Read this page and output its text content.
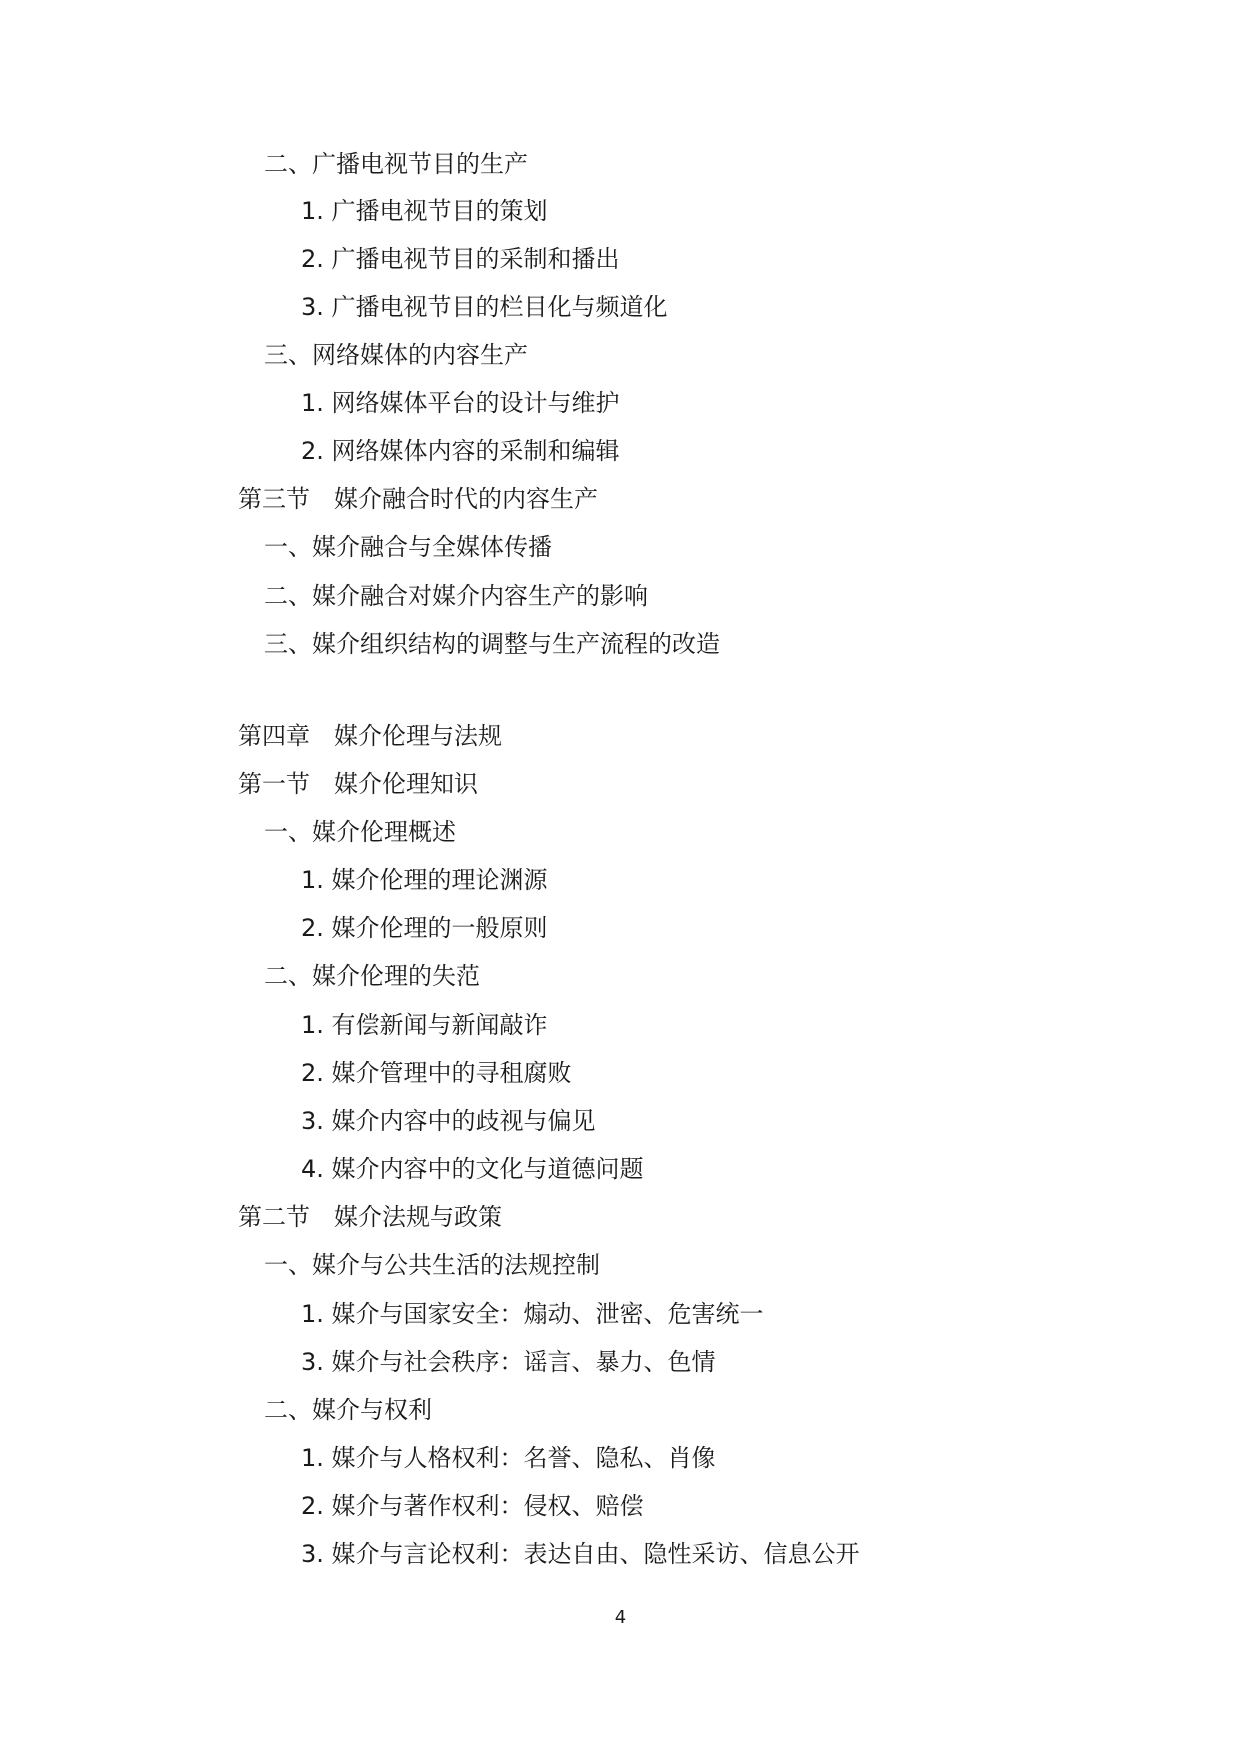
二、广播电视节目的生产
1. 广播电视节目的策划
2. 广播电视节目的采制和播出
3. 广播电视节目的栏目化与频道化
三、网络媒体的内容生产
1. 网络媒体平台的设计与维护
2. 网络媒体内容的采制和编辑
第三节　媒介融合时代的内容生产
一、媒介融合与全媒体传播
二、媒介融合对媒介内容生产的影响
三、媒介组织结构的调整与生产流程的改造
第四章　媒介伦理与法规
第一节　媒介伦理知识
一、媒介伦理概述
1. 媒介伦理的理论渊源
2. 媒介伦理的一般原则
二、媒介伦理的失范
1. 有偿新闻与新闻敲诈
2. 媒介管理中的寻租腐败
3. 媒介内容中的歧视与偏见
4. 媒介内容中的文化与道德问题
第二节　媒介法规与政策
一、媒介与公共生活的法规控制
1. 媒介与国家安全：煽动、泄密、危害统一
3. 媒介与社会秩序：谣言、暴力、色情
二、媒介与权利
1. 媒介与人格权利：名誉、隐私、肖像
2. 媒介与著作权利：侵权、赔偿
3. 媒介与言论权利：表达自由、隐性采访、信息公开
4
